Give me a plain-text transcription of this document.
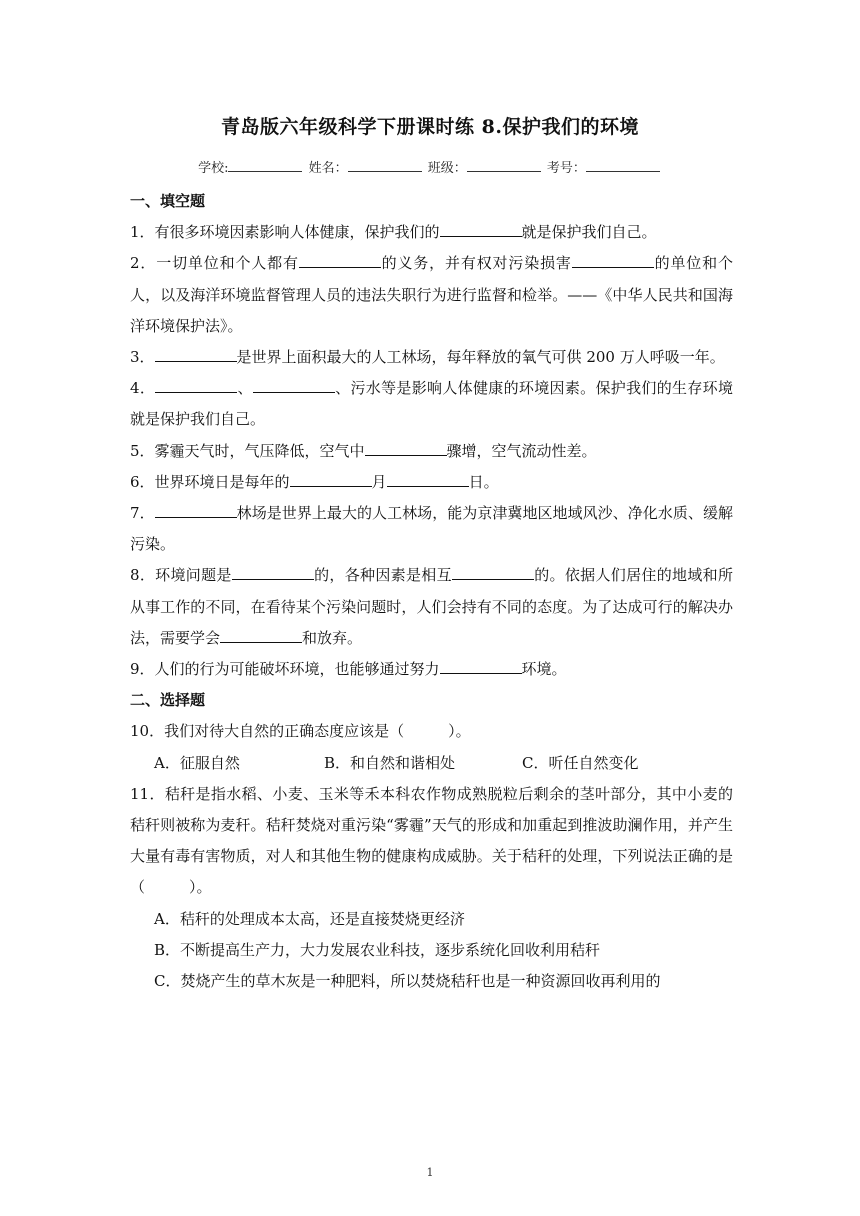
青岛版六年级科学下册课时练 8.保护我们的环境
学校:	姓名：	班级：	考号：
一、填空题
1．有很多环境因素影响人体健康，保护我们的	就是保护我们自己。
2．一切单位和个人都有	的义务，并有权对污染损害	的单位和个人，以及海洋环境监督管理人员的违法失职行为进行监督和检举。——《中华人民共和国海洋环境保护法》。
3．	是世界上面积最大的人工林场，每年释放的氧气可供 200 万人呼吸一年。
4．	、	、污水等是影响人体健康的环境因素。保护我们的生存环境就是保护我们自己。
5．雾霾天气时，气压降低，空气中	骤增，空气流动性差。
6．世界环境日是每年的	月	日。
7．	林场是世界上最大的人工林场，能为京津冀地区地域风沙、净化水质、缓解污染。
8．环境问题是	的，各种因素是相互	的。依据人们居住的地域和所从事工作的不同，在看待某个污染问题时，人们会持有不同的态度。为了达成可行的解决办法，需要学会	和放弃。
9．人们的行为可能破坏环境，也能够通过努力	环境。
二、选择题
10．我们对待大自然的正确态度应该是（	）。
A．征服自然	B．和自然和谐相处	C．听任自然变化
11．秸秆是指水稻、小麦、玉米等禾本科农作物成熟脱粒后剩余的茎叶部分，其中小麦的秸秆则被称为麦秆。秸秆焚烧对重污染“雾霾”天气的形成和加重起到推波助澜作用，并产生大量有毒有害物质，对人和其他生物的健康构成威胁。关于秸秆的处理，下列说法正确的是（	）。
A．秸秆的处理成本太高，还是直接焚烧更经济
B．不断提高生产力，大力发展农业科技，逐步系统化回收利用秸秆
C．焚烧产生的草木灰是一种肥料，所以焚烧秸秆也是一种资源回收再利用的
1
